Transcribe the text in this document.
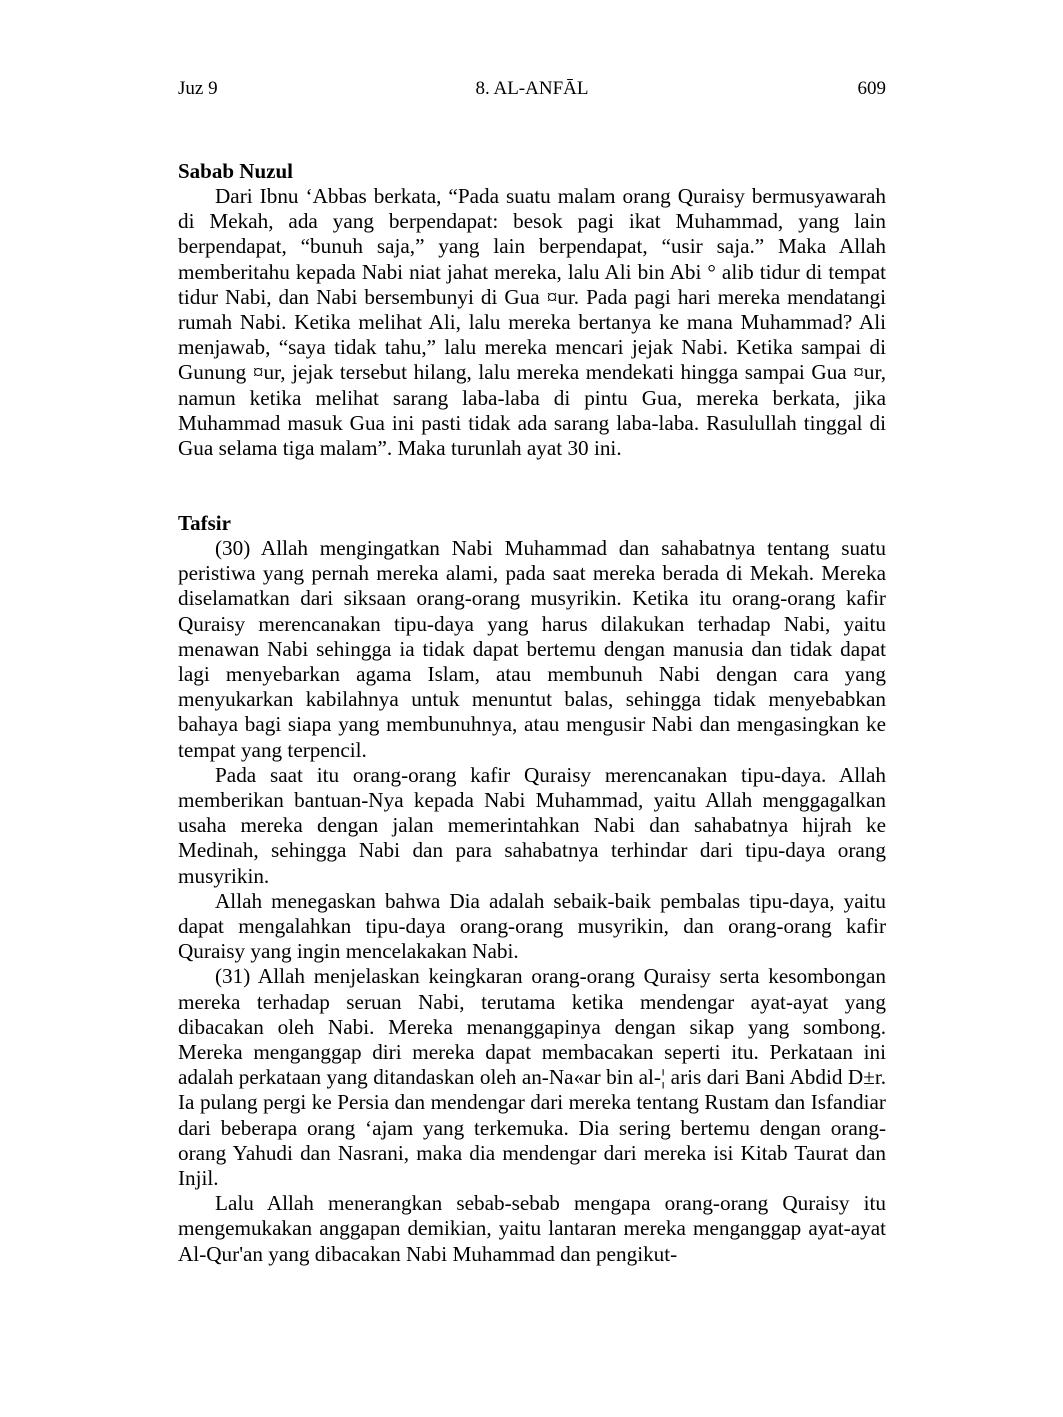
Juz 9	8. AL-ANFĀL	609
Sabab Nuzul

Dari Ibnu ‘Abbas berkata, “Pada suatu malam orang Quraisy bermusyawarah di Mekah, ada yang berpendapat: besok pagi ikat Muhammad, yang lain berpendapat, “bunuh saja,” yang lain berpendapat, “usir saja.” Maka Allah memberitahu kepada Nabi niat jahat mereka, lalu Ali bin Abi ° alib tidur di tempat tidur Nabi, dan Nabi bersembunyi di Gua ¤ur. Pada pagi hari mereka mendatangi rumah Nabi. Ketika melihat Ali, lalu mereka bertanya ke mana Muhammad? Ali menjawab, “saya tidak tahu,” lalu mereka mencari jejak Nabi. Ketika sampai di Gunung ¤ur, jejak tersebut hilang, lalu mereka mendekati hingga sampai Gua ¤ur, namun ketika melihat sarang laba-laba di pintu Gua, mereka berkata, jika Muhammad masuk Gua ini pasti tidak ada sarang laba-laba. Rasulullah tinggal di Gua selama tiga malam”. Maka turunlah ayat 30 ini.

Tafsir

(30) Allah mengingatkan Nabi Muhammad dan sahabatnya tentang suatu peristiwa yang pernah mereka alami, pada saat mereka berada di Mekah. Mereka diselamatkan dari siksaan orang-orang musyrikin. Ketika itu orang-orang kafir Quraisy merencanakan tipu-daya yang harus dilakukan terhadap Nabi, yaitu menawan Nabi sehingga ia tidak dapat bertemu dengan manusia dan tidak dapat lagi menyebarkan agama Islam, atau membunuh Nabi dengan cara yang menyukarkan kabilahnya untuk menuntut balas, sehingga tidak menyebabkan bahaya bagi siapa yang membunuhnya, atau mengusir Nabi dan mengasingkan ke tempat yang terpencil.

Pada saat itu orang-orang kafir Quraisy merencanakan tipu-daya. Allah memberikan bantuan-Nya kepada Nabi Muhammad, yaitu Allah menggagalkan usaha mereka dengan jalan memerintahkan Nabi dan sahabatnya hijrah ke Medinah, sehingga Nabi dan para sahabatnya terhindar dari tipu-daya orang musyrikin.

Allah menegaskan bahwa Dia adalah sebaik-baik pembalas tipu-daya, yaitu dapat mengalahkan tipu-daya orang-orang musyrikin, dan orang-orang kafir Quraisy yang ingin mencelakakan Nabi.

(31) Allah menjelaskan keingkaran orang-orang Quraisy serta kesombongan mereka terhadap seruan Nabi, terutama ketika mendengar ayat-ayat yang dibacakan oleh Nabi. Mereka menanggapinya dengan sikap yang sombong. Mereka menganggap diri mereka dapat membacakan seperti itu. Perkataan ini adalah perkataan yang ditandaskan oleh an-Na«ar bin al-¦ aris dari Bani Abdid D±r. Ia pulang pergi ke Persia dan mendengar dari mereka tentang Rustam dan Isfandiar dari beberapa orang ‘ajam yang terkemuka. Dia sering bertemu dengan orang-orang Yahudi dan Nasrani, maka dia mendengar dari mereka isi Kitab Taurat dan Injil.

Lalu Allah menerangkan sebab-sebab mengapa orang-orang Quraisy itu mengemukakan anggapan demikian, yaitu lantaran mereka menganggap ayat-ayat Al-Qur'an yang dibacakan Nabi Muhammad dan pengikut-
